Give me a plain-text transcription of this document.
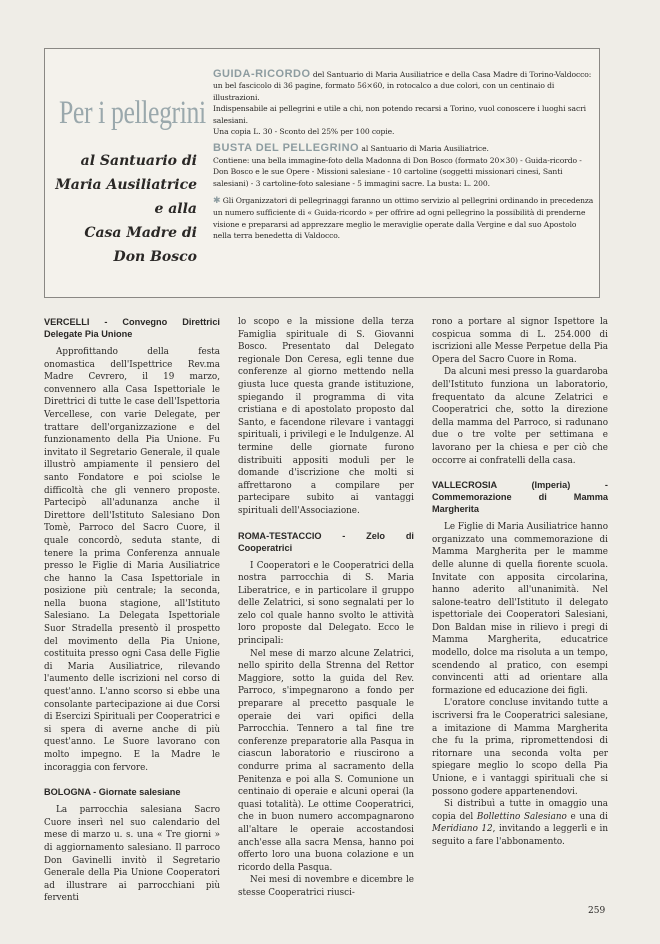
Per i pellegrini
al Santuario di
Maria Ausiliatrice
e alla
Casa Madre di
Don Bosco

GUIDA-RICORDO del Santuario di Maria Ausiliatrice e della Casa Madre di Torino-Valdocco: un bel fascicolo di 36 pagine, formato 56×60, in rotocalco a due colori, con un centinaio di illustrazioni.
Indispensabile ai pellegrini e utile a chi, non potendo recarsi a Torino, vuol conoscere i luoghi sacri salesiani.
Una copia L. 30 - Sconto del 25% per 100 copie.

BUSTA DEL PELLEGRINO al Santuario di Maria Ausiliatrice.
Contiene: una bella immagine-foto della Madonna di Don Bosco (formato 20×30) - Guida-ricordo - Don Bosco e le sue Opere - Missioni salesiane - 10 cartoline (soggetti missionari cinesi, Santi salesiani) - 3 cartoline-foto salesiane - 5 immagini sacre. La busta: L. 200.

✱ Gli Organizzatori di pellegrinaggi faranno un ottimo servizio al pellegrini ordinando in precedenza un numero sufficiente di « Guida-ricordo » per offrire ad ogni pellegrino la possibilità di prenderne visione e prepararsi ad apprezzare meglio le meraviglie operate dalla Vergine e dal suo Apostolo nella terra benedetta di Valdocco.

VERCELLI - Convegno Direttrici Delegate Pia Unione

Approfittando della festa onomastica dell'Ispettrice Rev.ma Madre Cevrero, il 19 marzo, convennero alla Casa Ispettoriale le Direttrici di tutte le case dell'Ispettoria Vercellese, con varie Delegate, per trattare dell'organizzazione e del funzionamento della Pia Unione. Fu invitato il Segretario Generale, il quale illustrò ampiamente il pensiero del santo Fondatore e poi sciolse le difficoltà che gli vennero proposte. Partecipò all'adunanza anche il Direttore dell'Istituto Salesiano Don Tomè, Parroco del Sacro Cuore, il quale concordò, seduta stante, di tenere la prima Conferenza annuale presso le Figlie di Maria Ausiliatrice che hanno la Casa Ispettoriale in posizione più centrale; la seconda, nella buona stagione, all'Istituto Salesiano. La Delegata Ispettoriale Suor Stradella presentò il prospetto del movimento della Pia Unione, costituita presso ogni Casa delle Figlie di Maria Ausiliatrice, rilevando l'aumento delle iscrizioni nel corso di quest'anno. L'anno scorso si ebbe una consolante partecipazione ai due Corsi di Esercizi Spirituali per Cooperatrici e si spera di averne anche di più quest'anno. Le Suore lavorano con molto impegno. E la Madre le incoraggia con fervore.

BOLOGNA - Giornate salesiane

La parrocchia salesiana Sacro Cuore inserì nel suo calendario del mese di marzo u. s. una « Tre giorni » di aggiornamento salesiano. Il parroco Don Gavinelli invitò il Segretario Generale della Pia Unione Cooperatori ad illustrare ai parrocchiani più ferventi

lo scopo e la missione della terza Famiglia spirituale di S. Giovanni Bosco. Presentato dal Delegato regionale Don Ceresa, egli tenne due conferenze al giorno mettendo nella giusta luce questa grande istituzione, spiegando il programma di vita cristiana e di apostolato proposto dal Santo, e facendone rilevare i vantaggi spirituali, i privilegi e le Indulgenze. Al termine delle giornate furono distribuiti appositi moduli per le domande d'iscrizione che molti si affrettarono a compilare per partecipare subito ai vantaggi spirituali dell'Associazione.

ROMA-TESTACCIO - Zelo di Cooperatrici

I Cooperatori e le Cooperatrici della nostra parrocchia di S. Maria Liberatrice, e in particolare il gruppo delle Zelatrici, si sono segnalati per lo zelo col quale hanno svolto le attività loro proposte dal Delegato. Ecco le principali:

Nel mese di marzo alcune Zelatrici, nello spirito della Strenna del Rettor Maggiore, sotto la guida del Rev. Parroco, s'impegnarono a fondo per preparare al precetto pasquale le operaie dei vari opifici della Parrocchia. Tennero a tal fine tre conferenze preparatorie alla Pasqua in ciascun laboratorio e riuscirono a condurre prima al sacramento della Penitenza e poi alla S. Comunione un centinaio di operaie e alcuni operai (la quasi totalità). Le ottime Cooperatrici, che in buon numero accompagnarono all'altare le operaie accostandosi anch'esse alla sacra Mensa, hanno poi offerto loro una buona colazione e un ricordo della Pasqua.

Nei mesi di novembre e dicembre le stesse Cooperatrici riusci-

rono a portare al signor Ispettore la cospicua somma di L. 254.000 di iscrizioni alle Messe Perpetue della Pia Opera del Sacro Cuore in Roma.

Da alcuni mesi presso la guardaroba dell'Istituto funziona un laboratorio, frequentato da alcune Zelatrici e Cooperatrici che, sotto la direzione della mamma del Parroco, si radunano due o tre volte per settimana e lavorano per la chiesa e per ciò che occorre ai confratelli della casa.

VALLECROSIA (Imperia) - Commemorazione di Mamma Margherita

Le Figlie di Maria Ausiliatrice hanno organizzato una commemorazione di Mamma Margherita per le mamme delle alunne di quella fiorente scuola. Invitate con apposita circolarina, hanno aderito all'unanimità. Nel salone-teatro dell'Istituto il delegato ispettoriale dei Cooperatori Salesiani, Don Baldan mise in rilievo i pregi di Mamma Margherita, educatrice modello, dolce ma risoluta a un tempo, scendendo al pratico, con esempi convincenti atti ad orientare alla formazione ed educazione dei figli.

L'oratore concluse invitando tutte a iscriversi fra le Cooperatrici salesiane, a imitazione di Mamma Margherita che fu la prima, ripromettendosi di ritornare una seconda volta per spiegare meglio lo scopo della Pia Unione, e i vantaggi spirituali che si possono godere appartenendovi.

Si distribuì a tutte in omaggio una copia del Bollettino Salesiano e una di Meridiano 12, invitando a leggerli e in seguito a fare l'abbonamento.

259
